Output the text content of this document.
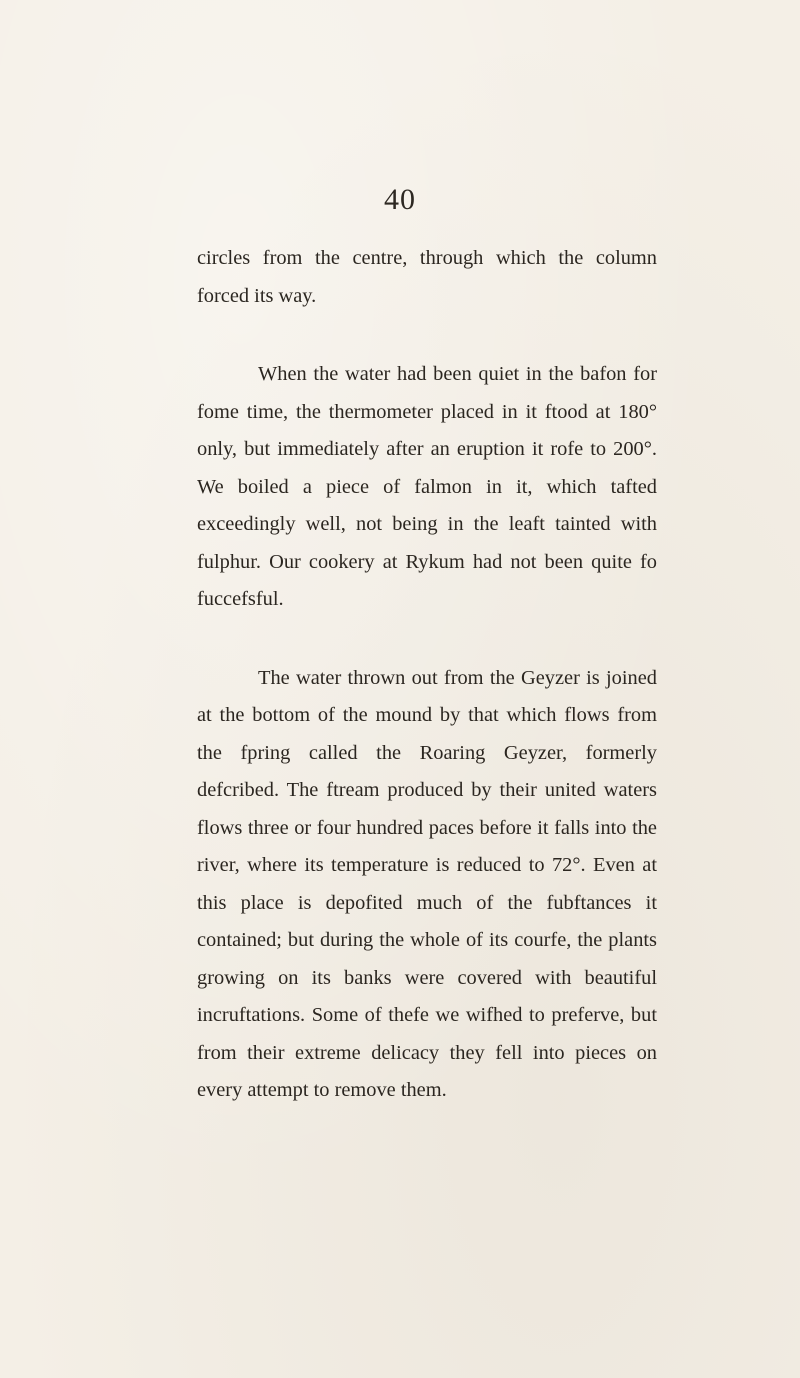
40

circles from the centre, through which the column forced its way.

When the water had been quiet in the bafon for fome time, the thermometer placed in it ftood at 180° only, but immediately after an eruption it rofe to 200°. We boiled a piece of falmon in it, which tafted exceedingly well, not being in the leaft tainted with fulphur. Our cookery at Rykum had not been quite fo fuccefsful.

The water thrown out from the Geyzer is joined at the bottom of the mound by that which flows from the fpring called the Roaring Geyzer, formerly defcribed. The ftream produced by their united waters flows three or four hundred paces before it falls into the river, where its temperature is reduced to 72°. Even at this place is depofited much of the fubftances it contained; but during the whole of its courfe, the plants growing on its banks were covered with beautiful incruftations. Some of thefe we wifhed to preferve, but from their extreme delicacy they fell into pieces on every attempt to remove them.
